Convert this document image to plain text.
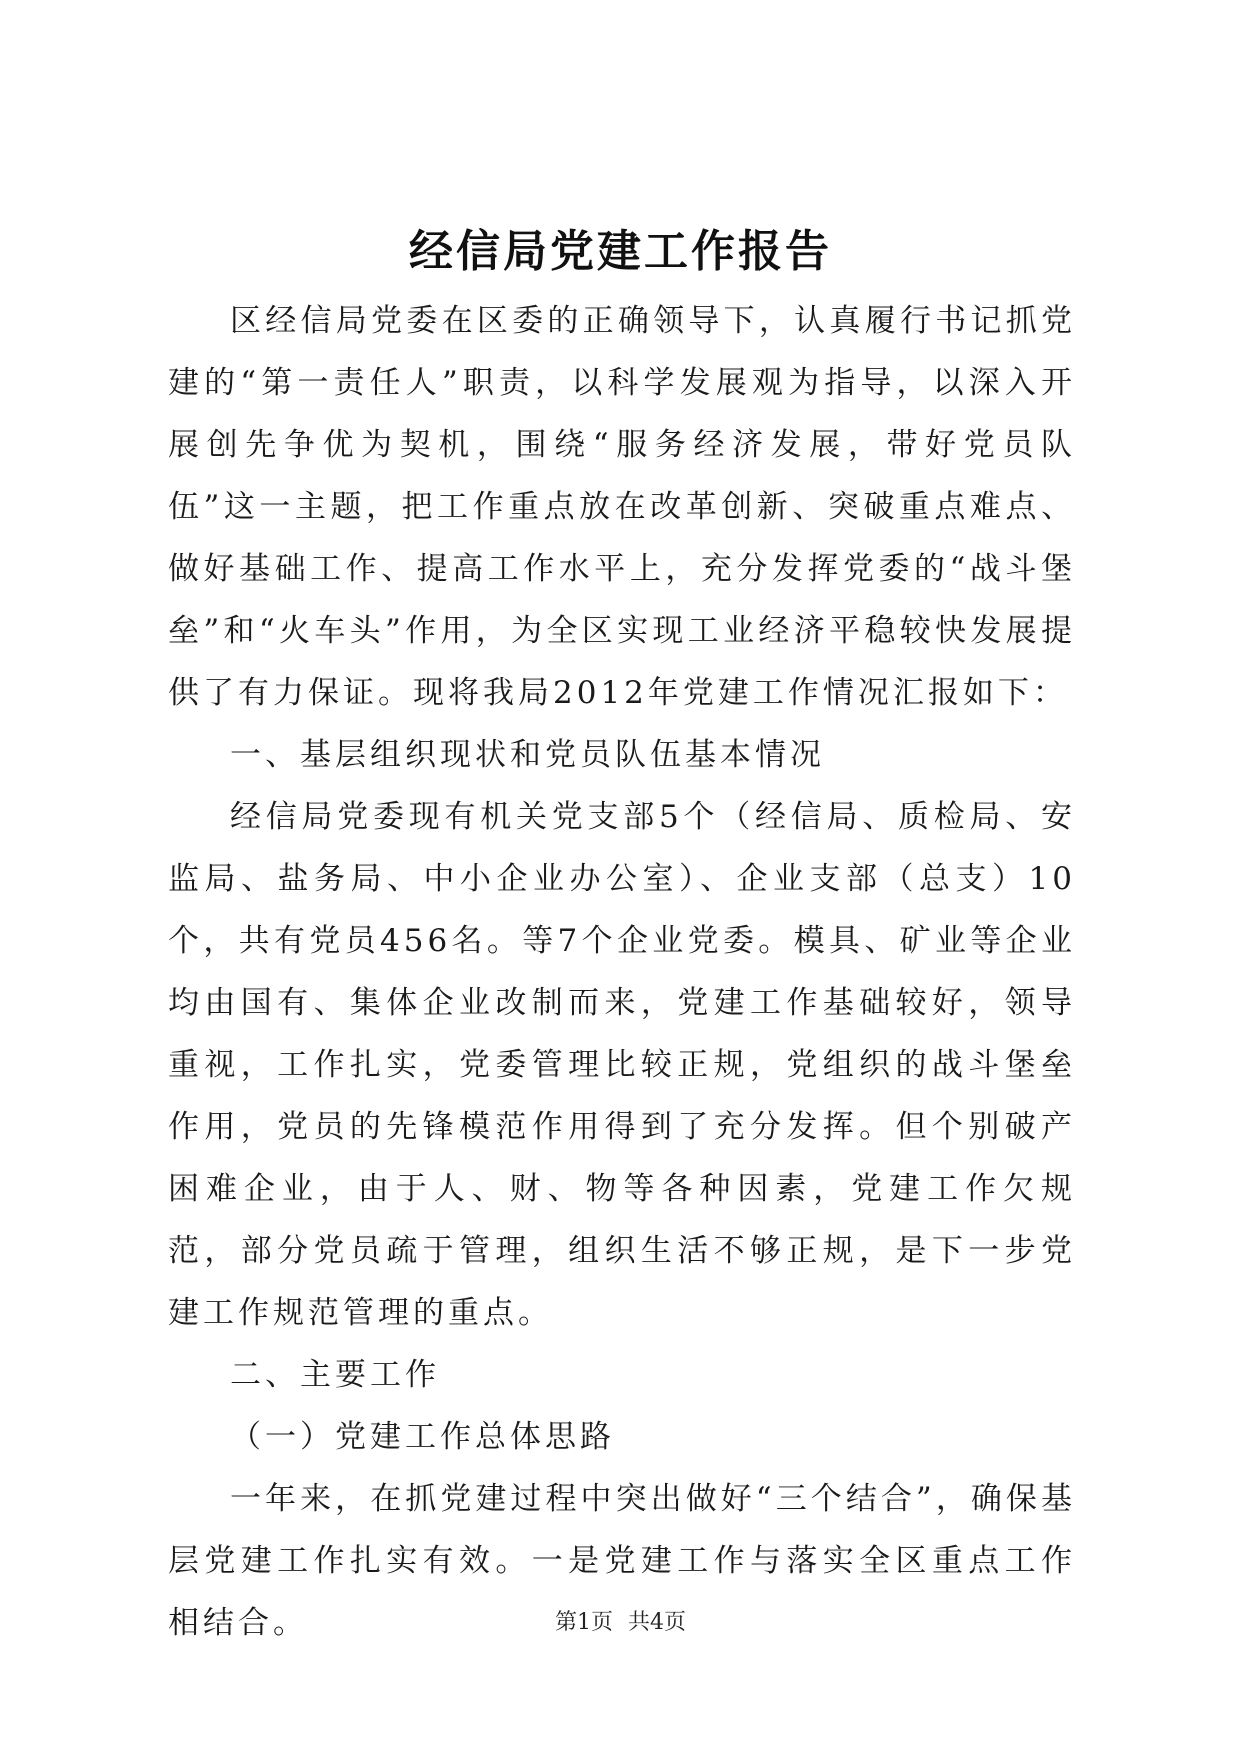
经信局党建工作报告

区经信局党委在区委的正确领导下，认真履行书记抓党建的“第一责任人”职责，以科学发展观为指导，以深入开展创先争优为契机，围绕“服务经济发展，带好党员队伍”这一主题，把工作重点放在改革创新、突破重点难点、做好基础工作、提高工作水平上，充分发挥党委的“战斗堡垒”和“火车头”作用，为全区实现工业经济平稳较快发展提供了有力保证。现将我局2012年党建工作情况汇报如下：

一、基层组织现状和党员队伍基本情况

经信局党委现有机关党支部5个（经信局、质检局、安监局、盐务局、中小企业办公室）、企业支部（总支）10个，共有党员456名。等7个企业党委。模具、矿业等企业均由国有、集体企业改制而来，党建工作基础较好，领导重视，工作扎实，党委管理比较正规，党组织的战斗堡垒作用，党员的先锋模范作用得到了充分发挥。但个别破产困难企业，由于人、财、物等各种因素，党建工作欠规范，部分党员疏于管理，组织生活不够正规，是下一步党建工作规范管理的重点。

二、主要工作

（一）党建工作总体思路

一年来，在抓党建过程中突出做好“三个结合”，确保基层党建工作扎实有效。一是党建工作与落实全区重点工作相结合。	第1页 共4页
